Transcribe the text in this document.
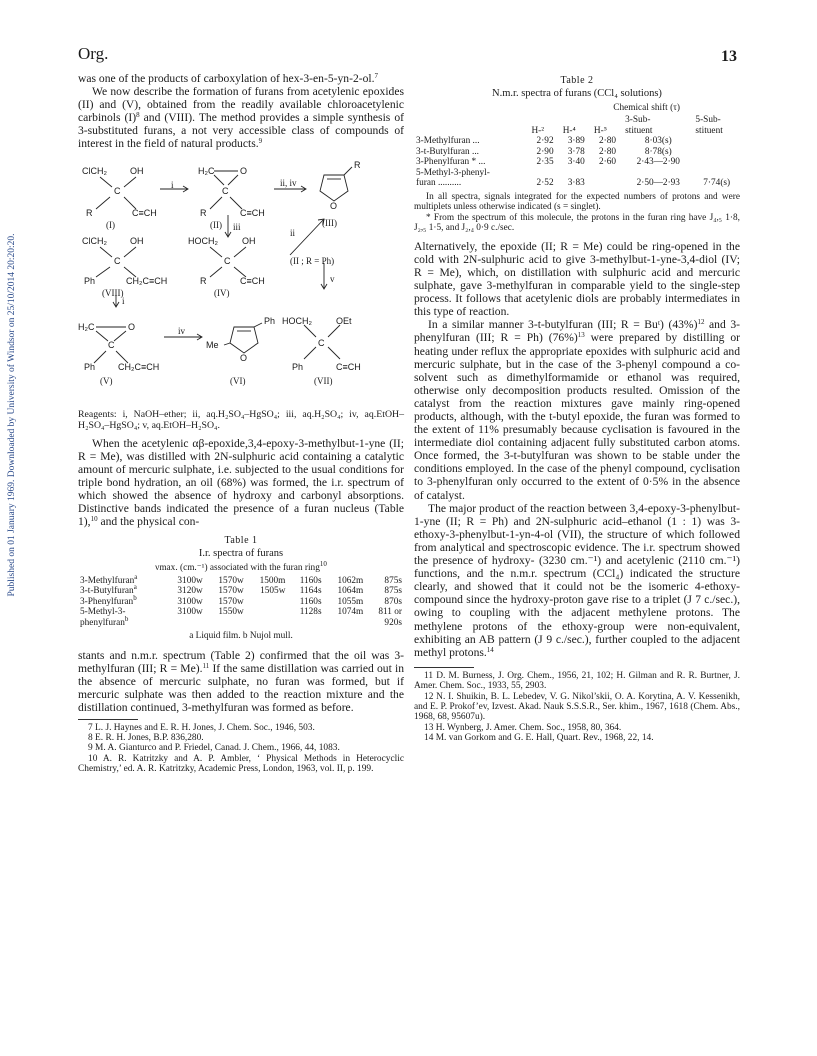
Org.	13
Published on 01 January 1969. Downloaded by University of Windsor on 25/10/2014 20:20:20.

was one of the products of carboxylation of hex-3-en-5-yn-2-ol.$^7$

We now describe the formation of furans from acetylenic epoxides (II) and (V), obtained from the readily available chloroacetylenic carbinols $(I)^8$ and (VIII). The method provides a simple synthesis of 3-substituted furans, a not very accessible class of compounds of interest in the field of natural products.$^9$

ClCH₂	OH
C
R	C≡CH
(I)
i
H₂C	O
C
R	C≡CH
(II)
ii, iv
R
O
(III)
iii
ii
ClCH₂	OH
C
Ph	CH₂C≡CH
(VIII)
i
HOCH₂	OH
C
R	C≡CH
(IV)
(II ; R = Ph)
v
H₂C	O
C
Ph	CH₂C≡CH
(V)
iv
Ph
Me
O
(VI)
HOCH₂	OEt
C
Ph	C≡CH
(VII)

Reagents: i, NaOH–ether; ii, aq.H₂SO₄–HgSO₄; iii, aq.H₂SO₄; iv, aq.EtOH–H₂SO₄–HgSO₄; v, aq.EtOH–H₂SO₄.

When the acetylenic αβ-epoxide,3,4-epoxy-3-methylbut-1-yne (II; R = Me), was distilled with 2N-sulphuric acid containing a catalytic amount of mercuric sulphate, i.e. subjected to the usual conditions for triple bond hydration, an oil (68%) was formed, the i.r. spectrum of which showed the absence of hydroxy and carbonyl absorptions. Distinctive bands indicated the presence of a furan nucleus (Table 1),$^{10}$ and the physical con-

Table 1
I.r. spectra of furans
νmax. (cm.⁻¹) associated with the furan ring$^{10}$
3-Methylfuran$^a$	3100w	1570w	1500m	1160s	1062m	875s
3-t-Butylfuran$^a$	3120w	1570w	1505w	1164s	1064m	875s
3-Phenylfuran$^b$	3100w	1570w		1160s	1055m	870s
5-Methyl-3-	3100w	1550w		1128s	1074m	811 or
phenylfuran$^b$						920s
a Liquid film. b Nujol mull.

stants and n.m.r. spectrum (Table 2) confirmed that the oil was 3-methylfuran (III; R = Me).$^{11}$ If the same distillation was carried out in the absence of mercuric sulphate, no furan was formed, but if mercuric sulphate was then added to the reaction mixture and the distillation continued, 3-methylfuran was formed as before.

7 L. J. Haynes and E. R. H. Jones, J. Chem. Soc., 1946, 503.
8 E. R. H. Jones, B.P. 836,280.
9 M. A. Gianturco and P. Friedel, Canad. J. Chem., 1966, 44, 1083.
10 A. R. Katritzky and A. P. Ambler, ‘ Physical Methods in Heterocyclic Chemistry,’ ed. A. R. Katritzky, Academic Press, London, 1963, vol. II, p. 199.
Table 2
N.m.r. spectra of furans (CCl₄ solutions)
Chemical shift (τ)
	H-²	H-⁴	H-⁵	3-Sub-
stituent	5-Sub-
stituent
3-Methylfuran ...	2·92	3·89	2·80	8·03(s)	
3-t-Butylfuran ...	2·90	3·78	2·80	8·78(s)	
3-Phenylfuran * ...	2·35	3·40	2·60	2·43—2·90	
5-Methyl-3-phenyl-					
furan ..........	2·52	3·83		2·50—2·93	7·74(s)

In all spectra, signals integrated for the expected numbers of protons and were multiplets unless otherwise indicated (s = singlet).

* From the spectrum of this molecule, the protons in the furan ring have J₄,₅ 1·8, J₂,₅ 1·5, and J₂,₄ 0·9 c./sec.

Alternatively, the epoxide (II; R = Me) could be ring-opened in the cold with 2N-sulphuric acid to give 3-methylbut-1-yne-3,4-diol (IV; R = Me), which, on distillation with sulphuric acid and mercuric sulphate, gave 3-methylfuran in comparable yield to the single-step process. It follows that acetylenic diols are probably intermediates in this type of reaction.

In a similar manner 3-t-butylfuran (III; R = Buᵗ) $(43\%)^{12}$ and 3-phenylfuran (III; R = Ph) $(76\%)^{13}$ were prepared by distilling or heating under reflux the appropriate epoxides with sulphuric acid and mercuric sulphate, but in the case of the 3-phenyl compound a co-solvent such as dimethylformamide or ethanol was required, otherwise only decomposition products resulted. Omission of the catalyst from the reaction mixtures gave mainly ring-opened products, although, with the t-butyl epoxide, the furan was formed to the extent of 11% presumably because cyclisation is favoured in the intermediate diol containing adjacent fully substituted carbon atoms. Once formed, the 3-t-butylfuran was shown to be stable under the conditions employed. In the case of the phenyl compound, cyclisation to 3-phenylfuran only occurred to the extent of 0·5% in the absence of catalyst.

The major product of the reaction between 3,4-epoxy-3-phenylbut-1-yne (II; R = Ph) and 2N-sulphuric acid–ethanol (1 : 1) was 3-ethoxy-3-phenylbut-1-yn-4-ol (VII), the structure of which followed from analytical and spectroscopic evidence. The i.r. spectrum showed the presence of hydroxy- (3230 cm.⁻¹) and acetylenic (2110 cm.⁻¹) functions, and the n.m.r. spectrum (CCl₄) indicated the structure clearly, and showed that it could not be the isomeric 4-ethoxy-compound since the hydroxy-proton gave rise to a triplet (J 7 c./sec.), owing to coupling with the adjacent methylene protons. The methylene protons of the ethoxy-group were non-equivalent, exhibiting an AB pattern (J 9 c./sec.), further coupled to the adjacent methyl protons.$^{14}$

11 D. M. Burness, J. Org. Chem., 1956, 21, 102; H. Gilman and R. R. Burtner, J. Amer. Chem. Soc., 1933, 55, 2903.
12 N. I. Shuikin, B. L. Lebedev, V. G. Nikol’skii, O. A. Korytina, A. V. Kessenikh, and E. P. Prokof’ev, Izvest. Akad. Nauk S.S.S.R., Ser. khim., 1967, 1618 (Chem. Abs., 1968, 68, 95607u).
13 H. Wynberg, J. Amer. Chem. Soc., 1958, 80, 364.
14 M. van Gorkom and G. E. Hall, Quart. Rev., 1968, 22, 14.
